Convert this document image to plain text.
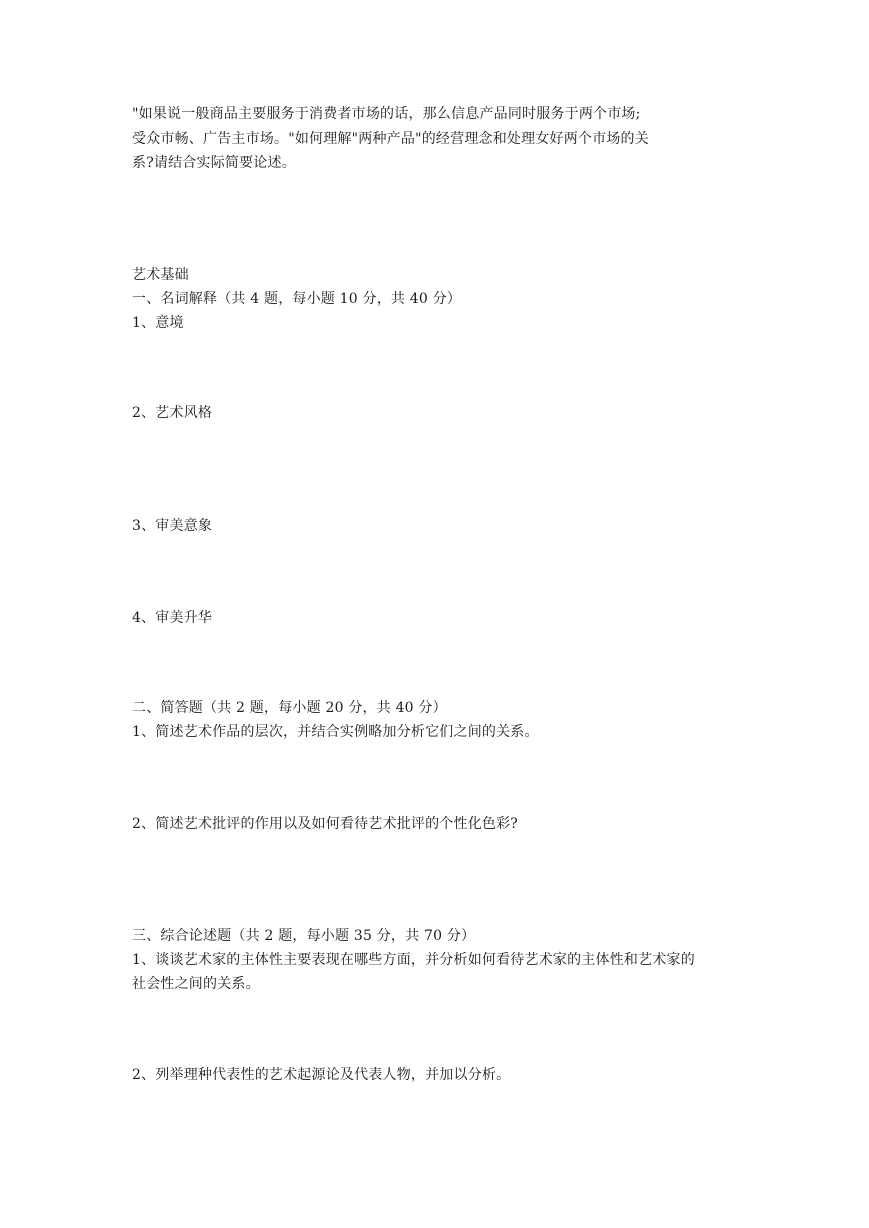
"如果说一般商品主要服务于消费者市场的话，那么信息产品同时服务于两个市场;
受众市畅、广告主市场。"如何理解"两种产品"的经营理念和处理女好两个市场的关
系?请结合实际简要论述。
艺术基础
一、名词解释（共 4 题，每小题 10 分，共 40 分）
1、意境
2、艺术风格
3、审美意象
4、审美升华
二、简答题（共 2 题，每小题 20 分，共 40 分）
1、简述艺术作品的层次，并结合实例略加分析它们之间的关系。
2、简述艺术批评的作用以及如何看待艺术批评的个性化色彩?
三、综合论述题（共 2 题，每小题 35 分，共 70 分）
1、谈谈艺术家的主体性主要表现在哪些方面，并分析如何看待艺术家的主体性和艺术家的
社会性之间的关系。
2、列举理种代表性的艺术起源论及代表人物，并加以分析。
